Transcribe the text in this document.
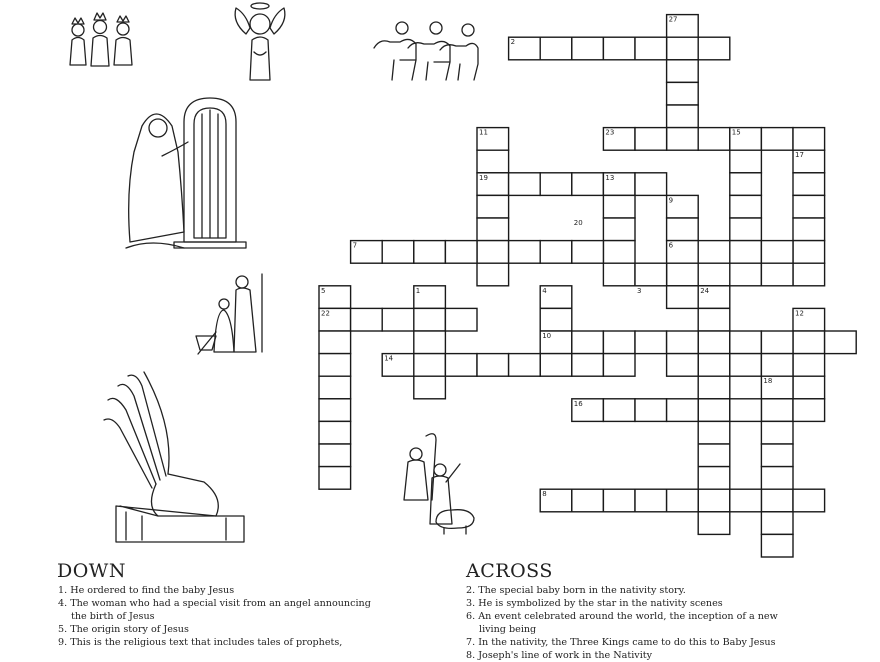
27
2
11	23	15
17
19	13
9
20
7	6
5	1	4	3	24
22	12
10
14
18
16
8
DOWN
1. He ordered to find the baby Jesus
4. The woman who had a special visit from an angel announcing the birth of Jesus
5. The origin story of Jesus
9. This is the religious text that includes tales of prophets,
ACROSS
2. The special baby born in the nativity story.
3. He is symbolized by the star in the nativity scenes
6. An event celebrated around the world, the inception of a new living being
7. In the nativity, the Three Kings came to do this to Baby Jesus
8. Joseph's line of work in the Nativity
